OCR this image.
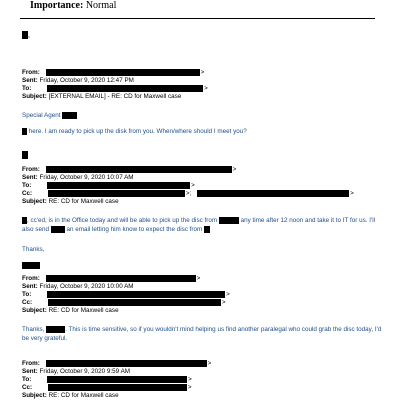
Importance: Normal
,
From:	>
Sent: Friday, October 9, 2020 12:47 PM
To:	>
Subject: [EXTERNAL EMAIL] - RE: CD for Maxwell case
Special Agent
here. I am ready to pick up the disk from you. When/where should I meet you?
From:	>
Sent: Friday, October 9, 2020 10:07 AM
To:	>
Cc:	>;	>
Subject: RE: CD for Maxwell case
, cc'ed, is in the Office today and will be able to pick up the disc from	any time after 12 noon and take it to IT for us. I'll also send	an email letting him know to expect the disc from
Thanks,
From:	>
Sent: Friday, October 9, 2020 10:00 AM
To:	>
Cc:	>
Subject: RE: CD for Maxwell case
Thanks,	. This is time sensitive, so if you wouldn't mind helping us find another paralegal who could grab the disc today, I'd be very grateful.
From:	>
Sent: Friday, October 9, 2020 9:59 AM
To:	>
Cc:	>
Subject: RE: CD for Maxwell case
